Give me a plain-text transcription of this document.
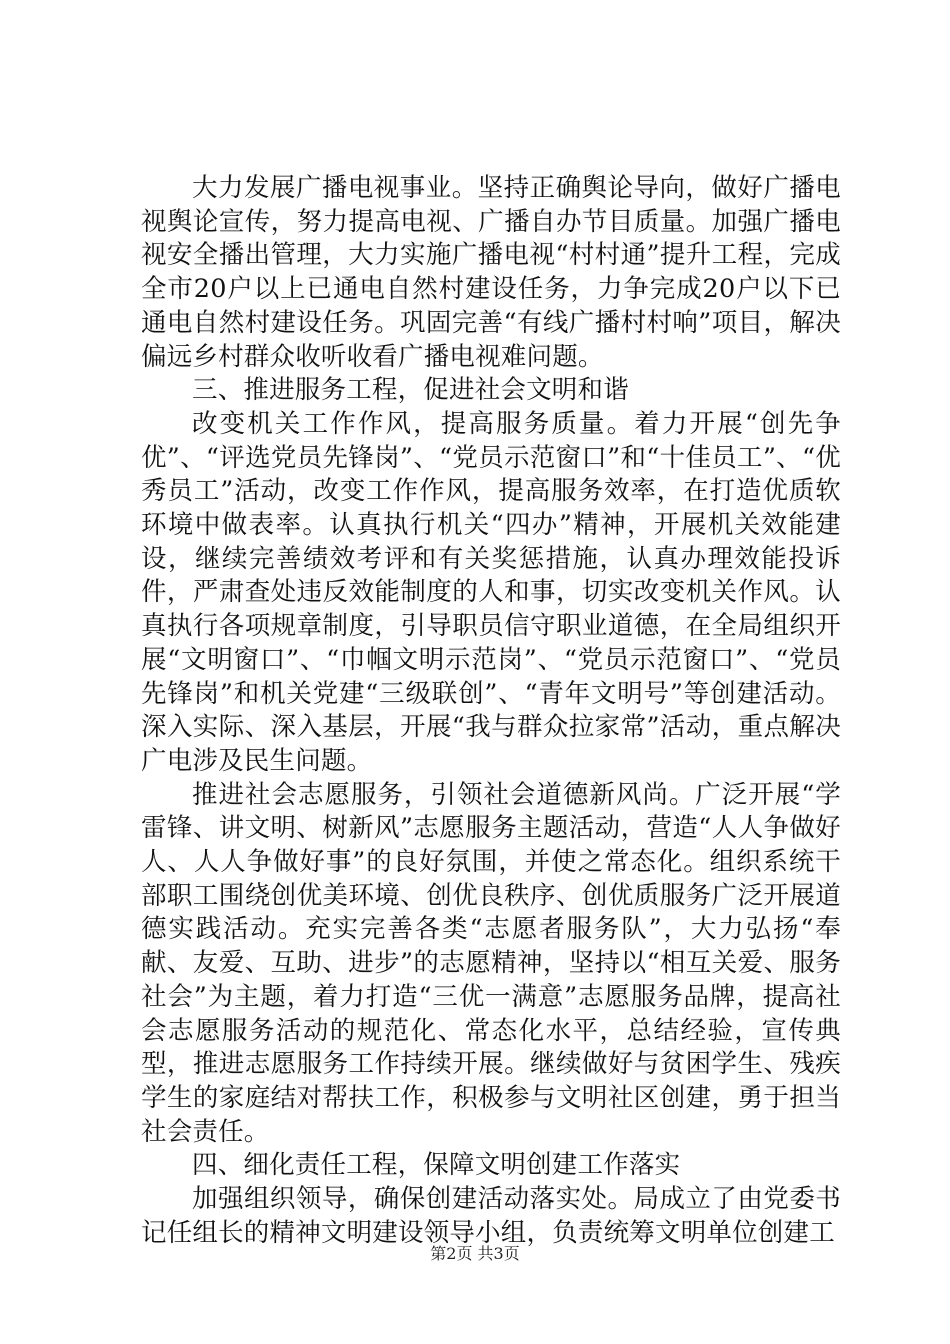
大力发展广播电视事业。坚持正确舆论导向，做好广播电视舆论宣传，努力提高电视、广播自办节目质量。加强广播电视安全播出管理，大力实施广播电视“村村通”提升工程，完成全市20户以上已通电自然村建设任务，力争完成20户以下已通电自然村建设任务。巩固完善“有线广播村村响”项目，解决偏远乡村群众收听收看广播电视难问题。

三、推进服务工程，促进社会文明和谐

改变机关工作作风，提高服务质量。着力开展“创先争优”、“评选党员先锋岗”、“党员示范窗口”和“十佳员工”、“优秀员工”活动，改变工作作风，提高服务效率，在打造优质软环境中做表率。认真执行机关“四办”精神，开展机关效能建设，继续完善绩效考评和有关奖惩措施，认真办理效能投诉件，严肃查处违反效能制度的人和事，切实改变机关作风。认真执行各项规章制度，引导职员信守职业道德，在全局组织开展“文明窗口”、“巾帼文明示范岗”、“党员示范窗口”、“党员先锋岗”和机关党建“三级联创”、“青年文明号”等创建活动。深入实际、深入基层，开展“我与群众拉家常”活动，重点解决广电涉及民生问题。

推进社会志愿服务，引领社会道德新风尚。广泛开展“学雷锋、讲文明、树新风”志愿服务主题活动，营造“人人争做好人、人人争做好事”的良好氛围，并使之常态化。组织系统干部职工围绕创优美环境、创优良秩序、创优质服务广泛开展道德实践活动。充实完善各类“志愿者服务队”，大力弘扬“奉献、友爱、互助、进步”的志愿精神，坚持以“相互关爱、服务社会”为主题，着力打造“三优一满意”志愿服务品牌，提高社会志愿服务活动的规范化、常态化水平，总结经验，宣传典型，推进志愿服务工作持续开展。继续做好与贫困学生、残疾学生的家庭结对帮扶工作，积极参与文明社区创建，勇于担当社会责任。

四、细化责任工程，保障文明创建工作落实

加强组织领导，确保创建活动落实处。局成立了由党委书记任组长的精神文明建设领导小组，负责统筹文明单位创建工

第2页 共3页
